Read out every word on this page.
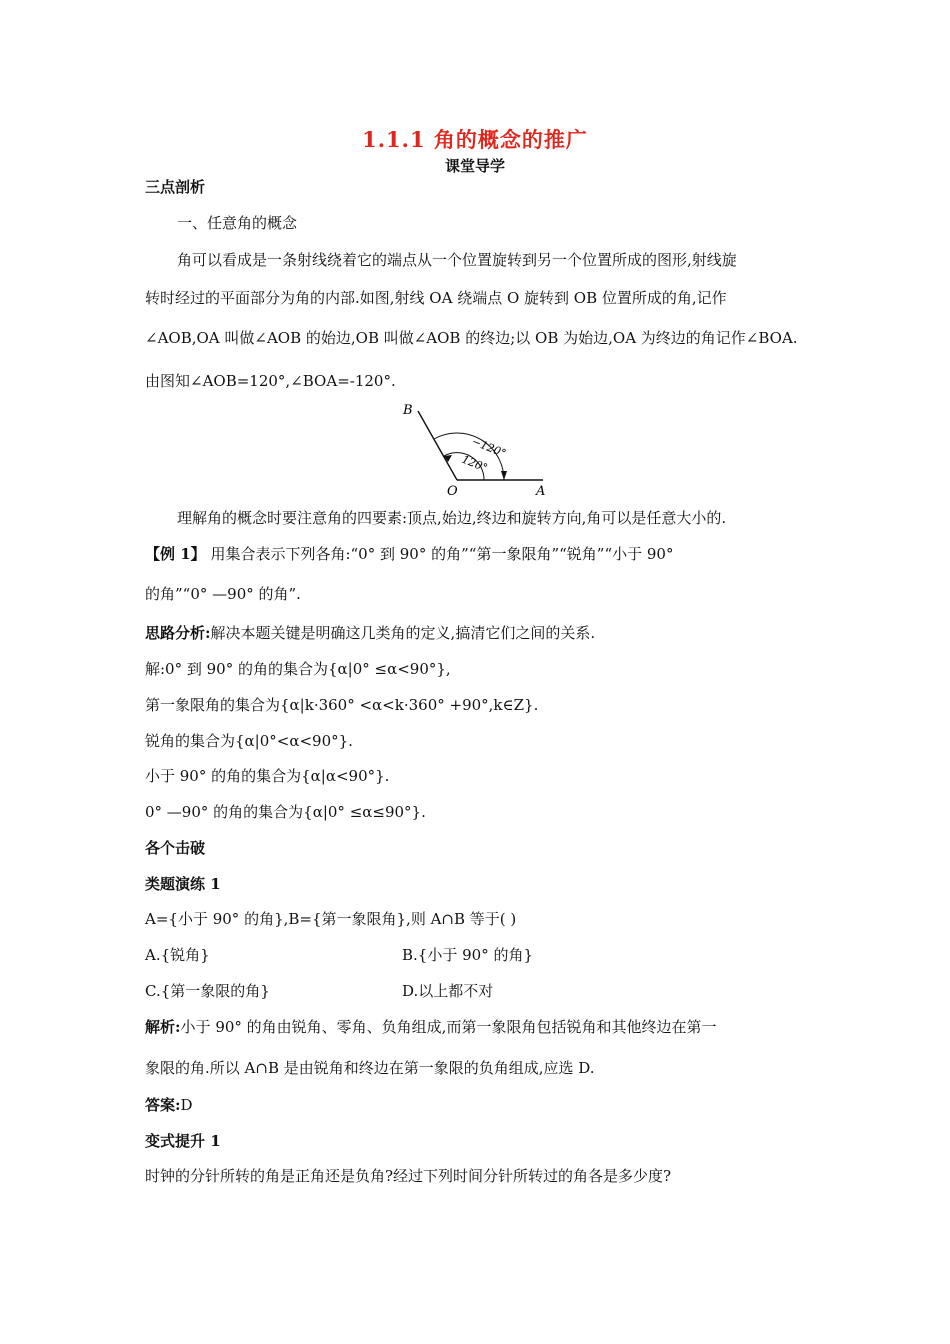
1.1.1 角的概念的推广
课堂导学
三点剖析
一、任意角的概念
角可以看成是一条射线绕着它的端点从一个位置旋转到另一个位置所成的图形,射线旋
转时经过的平面部分为角的内部.如图,射线 OA 绕端点 O 旋转到 OB 位置所成的角,记作
∠AOB,OA 叫做∠AOB 的始边,OB 叫做∠AOB 的终边;以 OB 为始边,OA 为终边的角记作∠BOA.
由图知∠AOB=120°,∠BOA=-120°.
B
O	A
−120°
120°
理解角的概念时要注意角的四要素:顶点,始边,终边和旋转方向,角可以是任意大小的.
【例 1】 用集合表示下列各角:“0° 到 90° 的角”“第一象限角”“锐角”“小于 90°
的角”“0° —90° 的角”.
思路分析:解决本题关键是明确这几类角的定义,搞清它们之间的关系.
解:0° 到 90° 的角的集合为{α|0° ≤α<90°},
第一象限角的集合为{α|k·360° <α<k·360° +90°,k∈Z}.
锐角的集合为{α|0°<α<90°}.
小于 90° 的角的集合为{α|α<90°}.
0° —90° 的角的集合为{α|0° ≤α≤90°}.
各个击破
类题演练 1
A={小于 90° 的角},B={第一象限角},则 A∩B 等于( )
A.{锐角}	B.{小于 90° 的角}
C.{第一象限的角}	D.以上都不对
解析:小于 90° 的角由锐角、零角、负角组成,而第一象限角包括锐角和其他终边在第一
象限的角.所以 A∩B 是由锐角和终边在第一象限的负角组成,应选 D.
答案:D
变式提升 1
时钟的分针所转的角是正角还是负角?经过下列时间分针所转过的角各是多少度?
